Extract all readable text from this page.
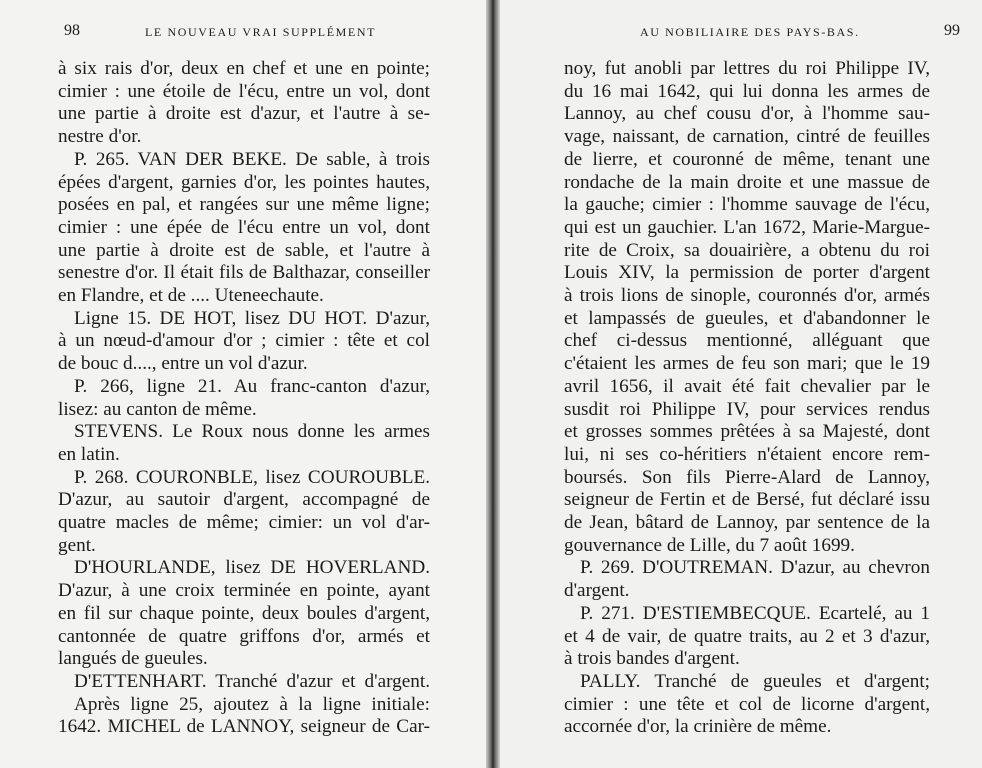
98	LE NOUVEAU VRAI SUPPLÉMENT
à six rais d'or, deux en chef et une en pointe;
cimier : une étoile de l'écu, entre un vol, dont
une partie à droite est d'azur, et l'autre à se-
nestre d'or.
P. 265. VAN DER BEKE. De sable, à trois
épées d'argent, garnies d'or, les pointes hautes,
posées en pal, et rangées sur une même ligne;
cimier : une épée de l'écu entre un vol, dont
une partie à droite est de sable, et l'autre à
senestre d'or. Il était fils de Balthazar, conseiller
en Flandre, et de .... Uteneechaute.
Ligne 15. DE HOT, lisez DU HOT. D'azur,
à un nœud-d'amour d'or ; cimier : tête et col
de bouc d...., entre un vol d'azur.
P. 266, ligne 21. Au franc-canton d'azur,
lisez: au canton de même.
STEVENS. Le Roux nous donne les armes
en latin.
P. 268. COURONBLE, lisez COUROUBLE.
D'azur, au sautoir d'argent, accompagné de
quatre macles de même; cimier: un vol d'ar-
gent.
D'HOURLANDE, lisez DE HOVERLAND.
D'azur, à une croix terminée en pointe, ayant
en fil sur chaque pointe, deux boules d'argent,
cantonnée de quatre griffons d'or, armés et
langués de gueules.
D'ETTENHART. Tranché d'azur et d'argent.
Après ligne 25, ajoutez à la ligne initiale:
1642. MICHEL de LANNOY, seigneur de Car-
99
AU NOBILIAIRE DES PAYS-BAS.
noy, fut anobli par lettres du roi Philippe IV,
du 16 mai 1642, qui lui donna les armes de
Lannoy, au chef cousu d'or, à l'homme sau-
vage, naissant, de carnation, cintré de feuilles
de lierre, et couronné de même, tenant une
rondache de la main droite et une massue de
la gauche; cimier : l'homme sauvage de l'écu,
qui est un gauchier. L'an 1672, Marie-Margue-
rite de Croix, sa douairière, a obtenu du roi
Louis XIV, la permission de porter d'argent
à trois lions de sinople, couronnés d'or, armés
et lampassés de gueules, et d'abandonner le
chef ci-dessus mentionné, alléguant que
c'étaient les armes de feu son mari; que le 19
avril 1656, il avait été fait chevalier par le
susdit roi Philippe IV, pour services rendus
et grosses sommes prêtées à sa Majesté, dont
lui, ni ses co-héritiers n'étaient encore rem-
boursés. Son fils Pierre-Alard de Lannoy,
seigneur de Fertin et de Bersé, fut déclaré issu
de Jean, bâtard de Lannoy, par sentence de la
gouvernance de Lille, du 7 août 1699.
P. 269. D'OUTREMAN. D'azur, au chevron
d'argent.
P. 271. D'ESTIEMBECQUE. Ecartelé, au 1
et 4 de vair, de quatre traits, au 2 et 3 d'azur,
à trois bandes d'argent.
PALLY. Tranché de gueules et d'argent;
cimier : une tête et col de licorne d'argent,
accornée d'or, la crinière de même.
